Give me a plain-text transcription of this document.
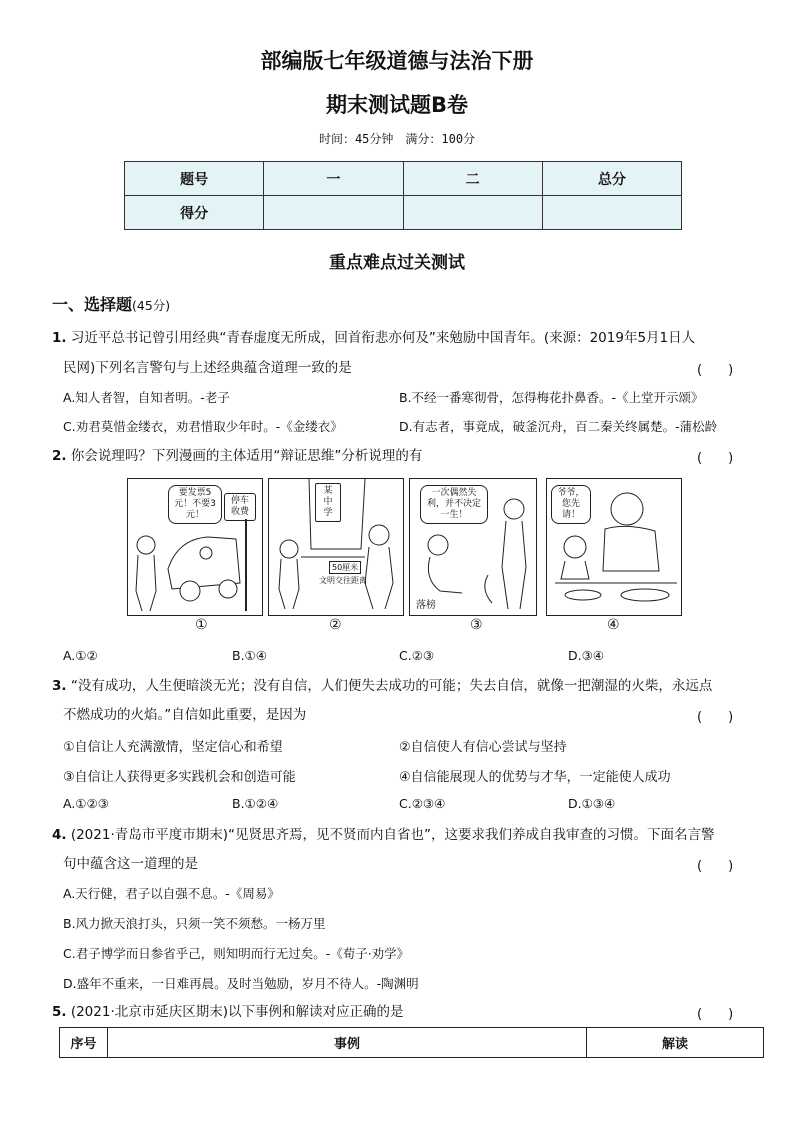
部编版七年级道德与法治下册
期末测试题B卷
时间：45分钟　满分：100分
题号	一	二	总分
得分			
重点难点过关测试
一、选择题(45分)
1. 习近平总书记曾引用经典“青春虚度无所成，回首衔悲亦何及”来勉励中国青年。(来源：2019年5月1日人
民网)下列名言警句与上述经典蕴含道理一致的是	(　　)
A.知人者智，自知者明。-老子	B.不经一番寒彻骨，怎得梅花扑鼻香。-《上堂开示颂》
C.劝君莫惜金缕衣，劝君惜取少年时。-《金缕衣》	D.有志者，事竟成，破釜沉舟，百二秦关终属楚。-蒲松龄
2. 你会说理吗？下列漫画的主体适用“辩证思维”分析说理的有	(　　)
要发票5元！不要3元！
停车收费
某中学
50厘米
文明交往距离
一次偶然失利，并不决定一生！
落榜
爷爷，您先请！
①	②	③	④
A.①②	B.①④	C.②③	D.③④
3. “没有成功，人生便暗淡无光；没有自信，人们便失去成功的可能；失去自信，就像一把潮湿的火柴，永远点
不燃成功的火焰。”自信如此重要，是因为	(　　)
①自信让人充满激情，坚定信心和希望	②自信使人有信心尝试与坚持
③自信让人获得更多实践机会和创造可能	④自信能展现人的优势与才华，一定能使人成功
A.①②③	B.①②④	C.②③④	D.①③④
4. (2021·青岛市平度市期末)“见贤思齐焉，见不贤而内自省也”，这要求我们养成自我审查的习惯。下面名言警
句中蕴含这一道理的是	(　　)
A.天行健，君子以自强不息。-《周易》
B.风力掀天浪打头，只须一笑不须愁。一杨万里
C.君子博学而日参省乎己，则知明而行无过矣。-《荀子·劝学》
D.盛年不重来，一日难再晨。及时当勉励，岁月不待人。-陶渊明
5. (2021·北京市延庆区期末)以下事例和解读对应正确的是	(　　)
序号	事例	解读
